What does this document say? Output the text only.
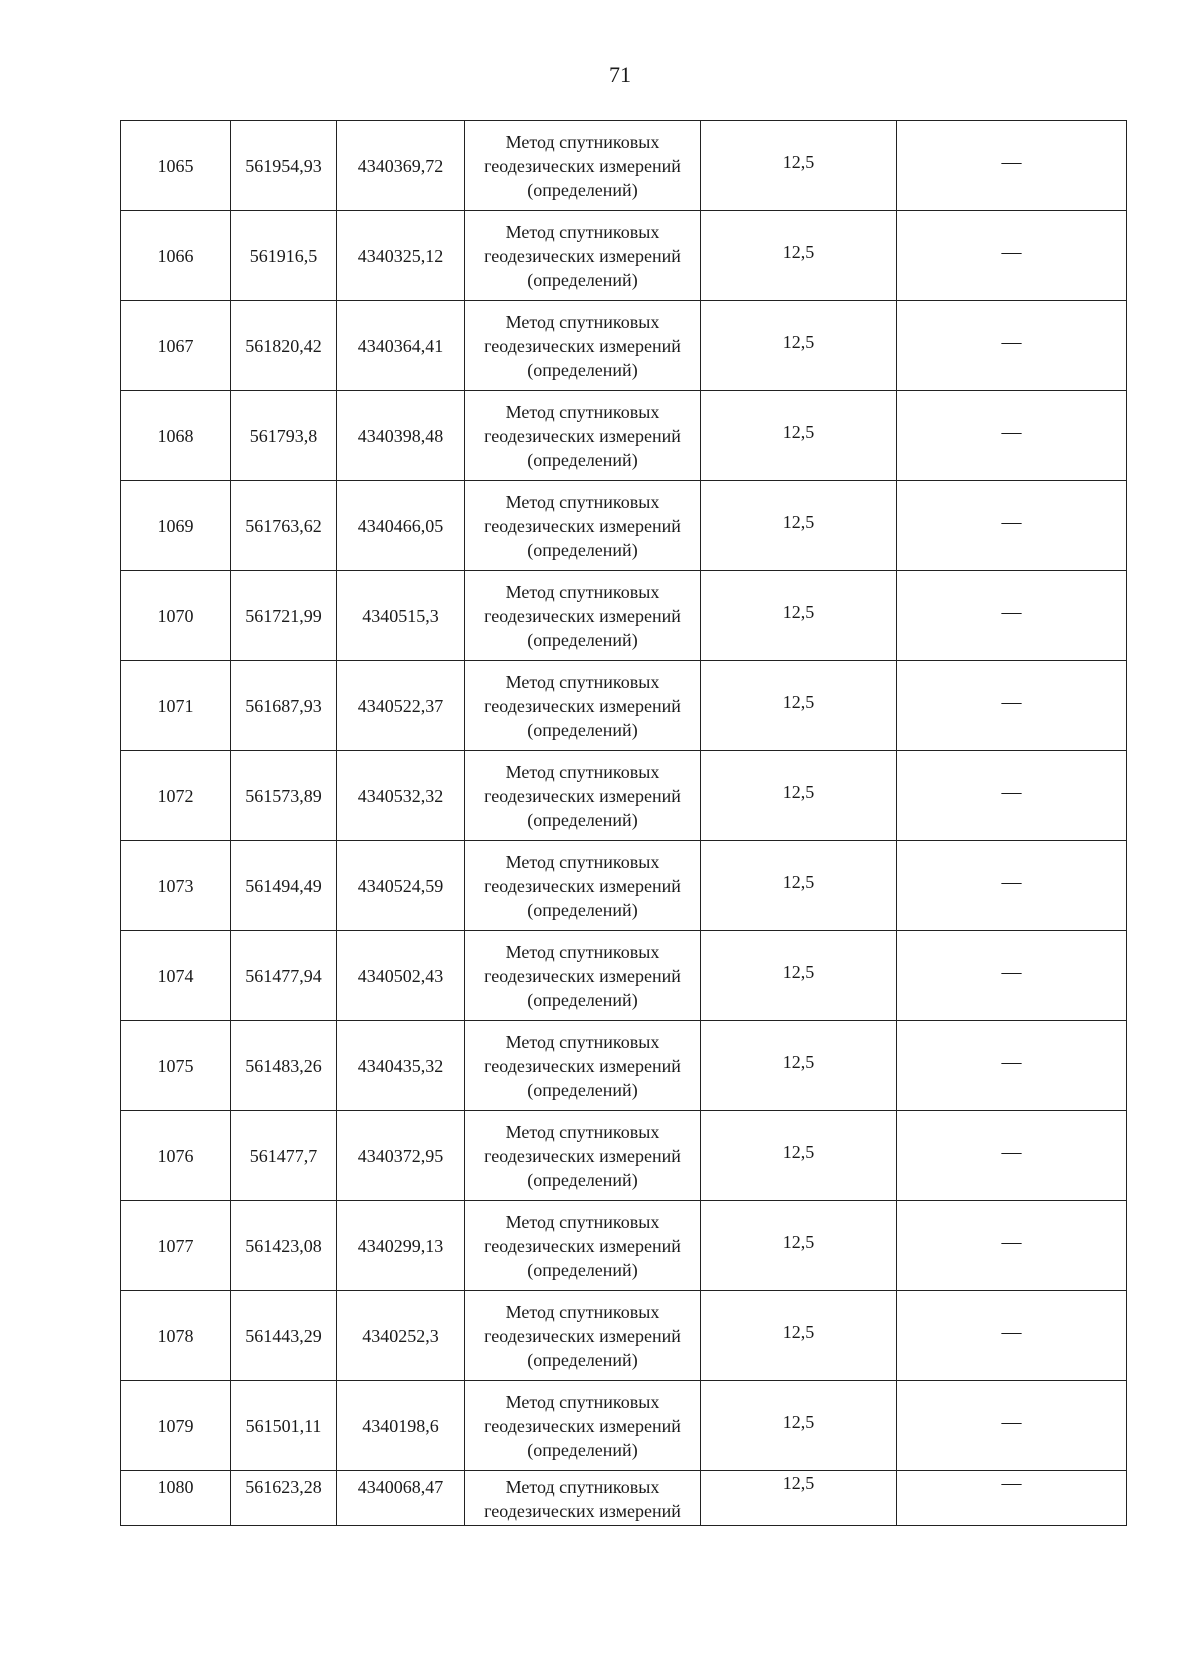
71
1065	561954,93	4340369,72	Метод спутниковых
геодезических измерений
(определений)	12,5	—
1066	561916,5	4340325,12	Метод спутниковых
геодезических измерений
(определений)	12,5	—
1067	561820,42	4340364,41	Метод спутниковых
геодезических измерений
(определений)	12,5	—
1068	561793,8	4340398,48	Метод спутниковых
геодезических измерений
(определений)	12,5	—
1069	561763,62	4340466,05	Метод спутниковых
геодезических измерений
(определений)	12,5	—
1070	561721,99	4340515,3	Метод спутниковых
геодезических измерений
(определений)	12,5	—
1071	561687,93	4340522,37	Метод спутниковых
геодезических измерений
(определений)	12,5	—
1072	561573,89	4340532,32	Метод спутниковых
геодезических измерений
(определений)	12,5	—
1073	561494,49	4340524,59	Метод спутниковых
геодезических измерений
(определений)	12,5	—
1074	561477,94	4340502,43	Метод спутниковых
геодезических измерений
(определений)	12,5	—
1075	561483,26	4340435,32	Метод спутниковых
геодезических измерений
(определений)	12,5	—
1076	561477,7	4340372,95	Метод спутниковых
геодезических измерений
(определений)	12,5	—
1077	561423,08	4340299,13	Метод спутниковых
геодезических измерений
(определений)	12,5	—
1078	561443,29	4340252,3	Метод спутниковых
геодезических измерений
(определений)	12,5	—
1079	561501,11	4340198,6	Метод спутниковых
геодезических измерений
(определений)	12,5	—
1080	561623,28	4340068,47	Метод спутниковых
геодезических измерений	12,5	—
